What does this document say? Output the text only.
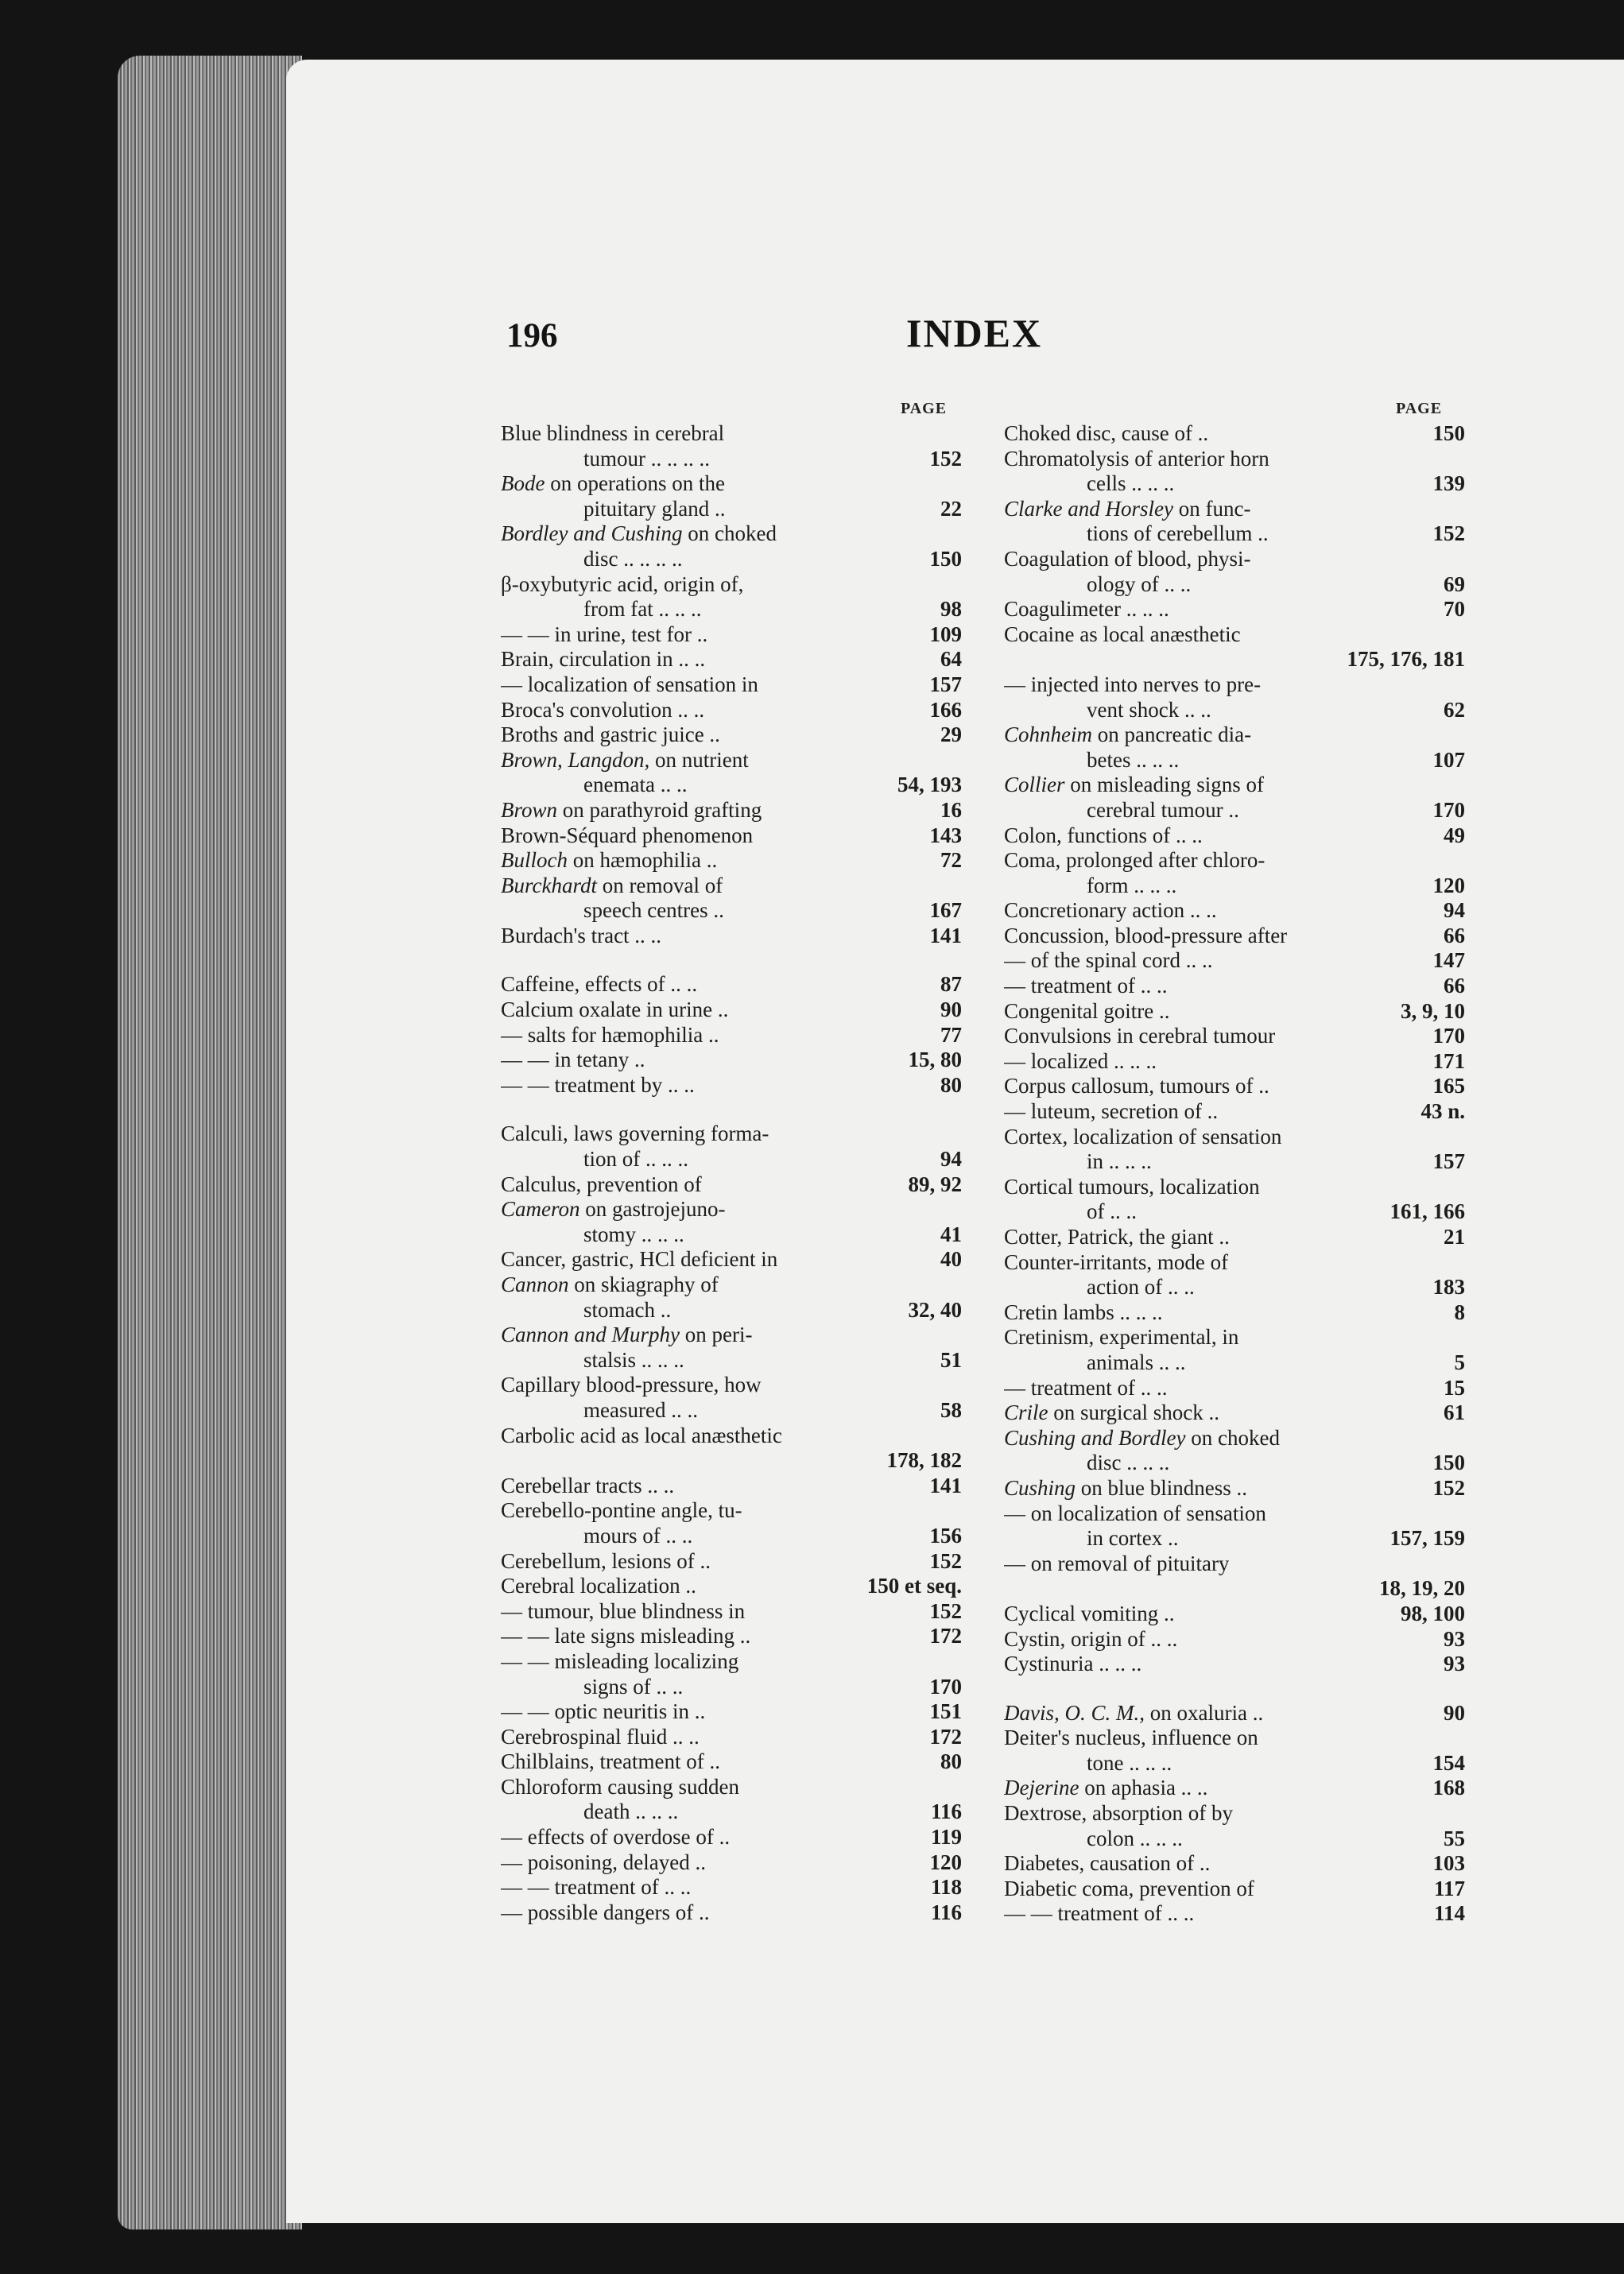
196	INDEX
PAGE	PAGE
Blue blindness in cerebral
tumour .. .. .. ..	152
Bode on operations on the
pituitary gland ..	22
Bordley and Cushing on choked
disc .. .. .. ..	150
β-oxybutyric acid, origin of,
from fat .. .. ..	98
— — in urine, test for ..	109
Brain, circulation in .. ..	64
— localization of sensation in	157
Broca's convolution .. ..	166
Broths and gastric juice ..	29
Brown, Langdon, on nutrient
enemata .. ..	54, 193
Brown on parathyroid grafting	16
Brown-Séquard phenomenon	143
Bulloch on hæmophilia ..	72
Burckhardt on removal of
speech centres ..	167
Burdach's tract .. ..	141
Caffeine, effects of .. ..	87
Calcium oxalate in urine ..	90
— salts for hæmophilia ..	77
— — in tetany ..	15, 80
— — treatment by .. ..	80
Calculi, laws governing forma-
tion of .. .. ..	94
Calculus, prevention of	89, 92
Cameron on gastrojejuno-
stomy .. .. ..	41
Cancer, gastric, HCl deficient in	40
Cannon on skiagraphy of
stomach ..	32, 40
Cannon and Murphy on peri-
stalsis .. .. ..	51
Capillary blood-pressure, how
measured .. ..	58
Carbolic acid as local anæsthetic
178, 182
Cerebellar tracts .. ..	141
Cerebello-pontine angle, tu-
mours of .. ..	156
Cerebellum, lesions of ..	152
Cerebral localization ..	150 et seq.
— tumour, blue blindness in	152
— — late signs misleading ..	172
— — misleading localizing
signs of .. ..	170
— — optic neuritis in ..	151
Cerebrospinal fluid .. ..	172
Chilblains, treatment of ..	80
Chloroform causing sudden
death .. .. ..	116
— effects of overdose of ..	119
— poisoning, delayed ..	120
— — treatment of .. ..	118
— possible dangers of ..	116
Choked disc, cause of ..	150
Chromatolysis of anterior horn
cells .. .. ..	139
Clarke and Horsley on func-
tions of cerebellum ..	152
Coagulation of blood, physi-
ology of .. ..	69
Coagulimeter .. .. ..	70
Cocaine as local anæsthetic
175, 176, 181
— injected into nerves to pre-
vent shock .. ..	62
Cohnheim on pancreatic dia-
betes .. .. ..	107
Collier on misleading signs of
cerebral tumour ..	170
Colon, functions of .. ..	49
Coma, prolonged after chloro-
form .. .. ..	120
Concretionary action .. ..	94
Concussion, blood-pressure after	66
— of the spinal cord .. ..	147
— treatment of .. ..	66
Congenital goitre ..	3, 9, 10
Convulsions in cerebral tumour	170
— localized .. .. ..	171
Corpus callosum, tumours of ..	165
— luteum, secretion of ..	43 n.
Cortex, localization of sensation
in .. .. ..	157
Cortical tumours, localization
of .. ..	161, 166
Cotter, Patrick, the giant ..	21
Counter-irritants, mode of
action of .. ..	183
Cretin lambs .. .. ..	8
Cretinism, experimental, in
animals .. ..	5
— treatment of .. ..	15
Crile on surgical shock ..	61
Cushing and Bordley on choked
disc .. .. ..	150
Cushing on blue blindness ..	152
— on localization of sensation
in cortex ..	157, 159
— on removal of pituitary
18, 19, 20
Cyclical vomiting ..	98, 100
Cystin, origin of .. ..	93
Cystinuria .. .. ..	93
Davis, O. C. M., on oxaluria ..	90
Deiter's nucleus, influence on
tone .. .. ..	154
Dejerine on aphasia .. ..	168
Dextrose, absorption of by
colon .. .. ..	55
Diabetes, causation of ..	103
Diabetic coma, prevention of	117
— — treatment of .. ..	114
